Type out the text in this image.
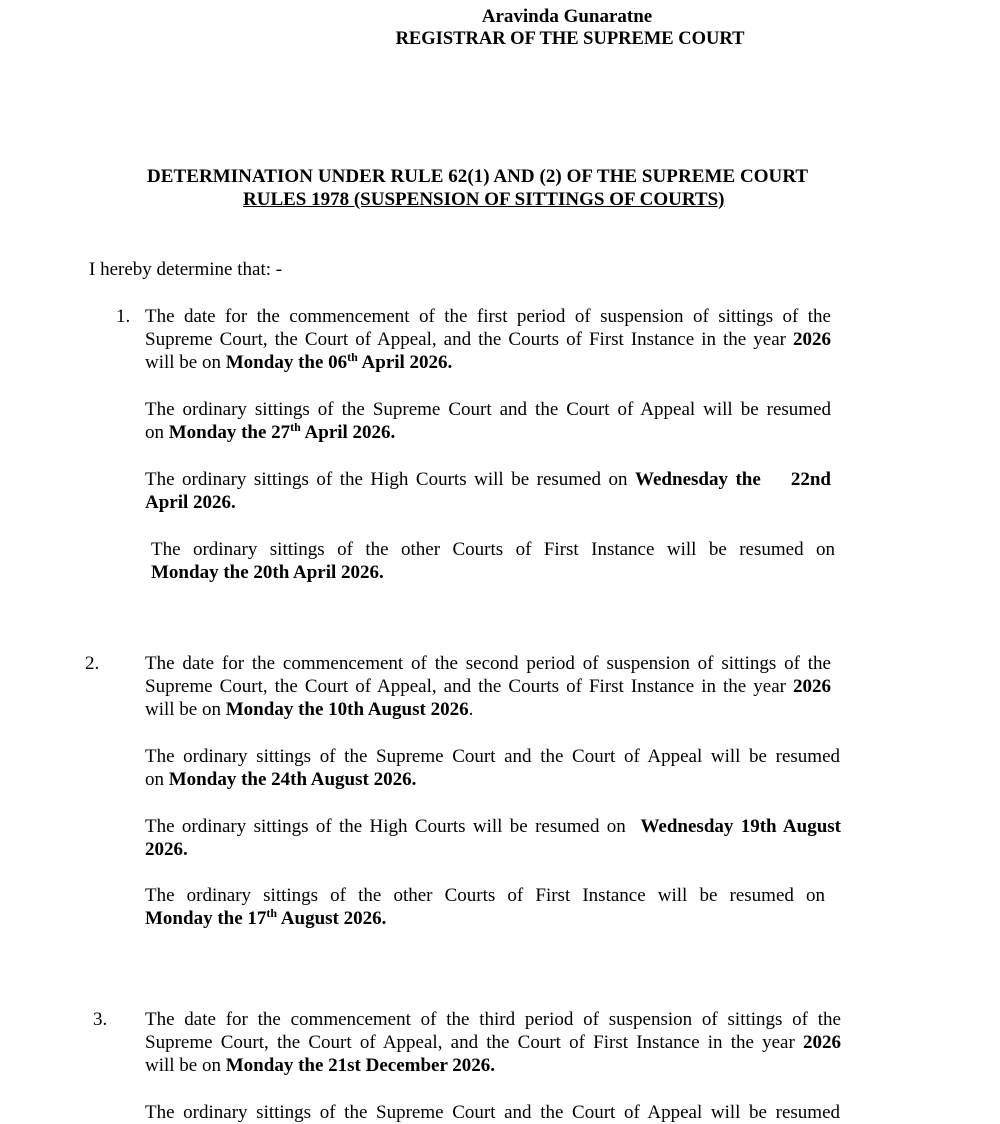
Aravinda Gunaratne
REGISTRAR OF THE SUPREME COURT
DETERMINATION UNDER RULE 62(1) AND (2) OF THE SUPREME COURT
RULES 1978 (SUSPENSION OF SITTINGS OF COURTS)
I hereby determine that: -
1. The date for the commencement of the first period of suspension of sittings of the
Supreme Court, the Court of Appeal, and the Courts of First Instance in the year 2026
will be on Monday the 06th April 2026.
The ordinary sittings of the Supreme Court and the Court of Appeal will be resumed
on Monday the 27th April 2026.
The ordinary sittings of the High Courts will be resumed on Wednesday the    22nd
April 2026.
The ordinary sittings of the other Courts of First Instance will be resumed on
Monday the 20th April 2026.
2. The date for the commencement of the second period of suspension of sittings of the
Supreme Court, the Court of Appeal, and the Courts of First Instance in the year 2026
will be on Monday the 10th August 2026.
The ordinary sittings of the Supreme Court and the Court of Appeal will be resumed
on Monday the 24th August 2026.
The ordinary sittings of the High Courts will be resumed on  Wednesday 19th August
2026.
The ordinary sittings of the other Courts of First Instance will be resumed on
Monday the 17th August 2026.
3. The date for the commencement of the third period of suspension of sittings of the
Supreme Court, the Court of Appeal, and the Court of First Instance in the year 2026
will be on Monday the 21st December 2026.
The ordinary sittings of the Supreme Court and the Court of Appeal will be resumed
